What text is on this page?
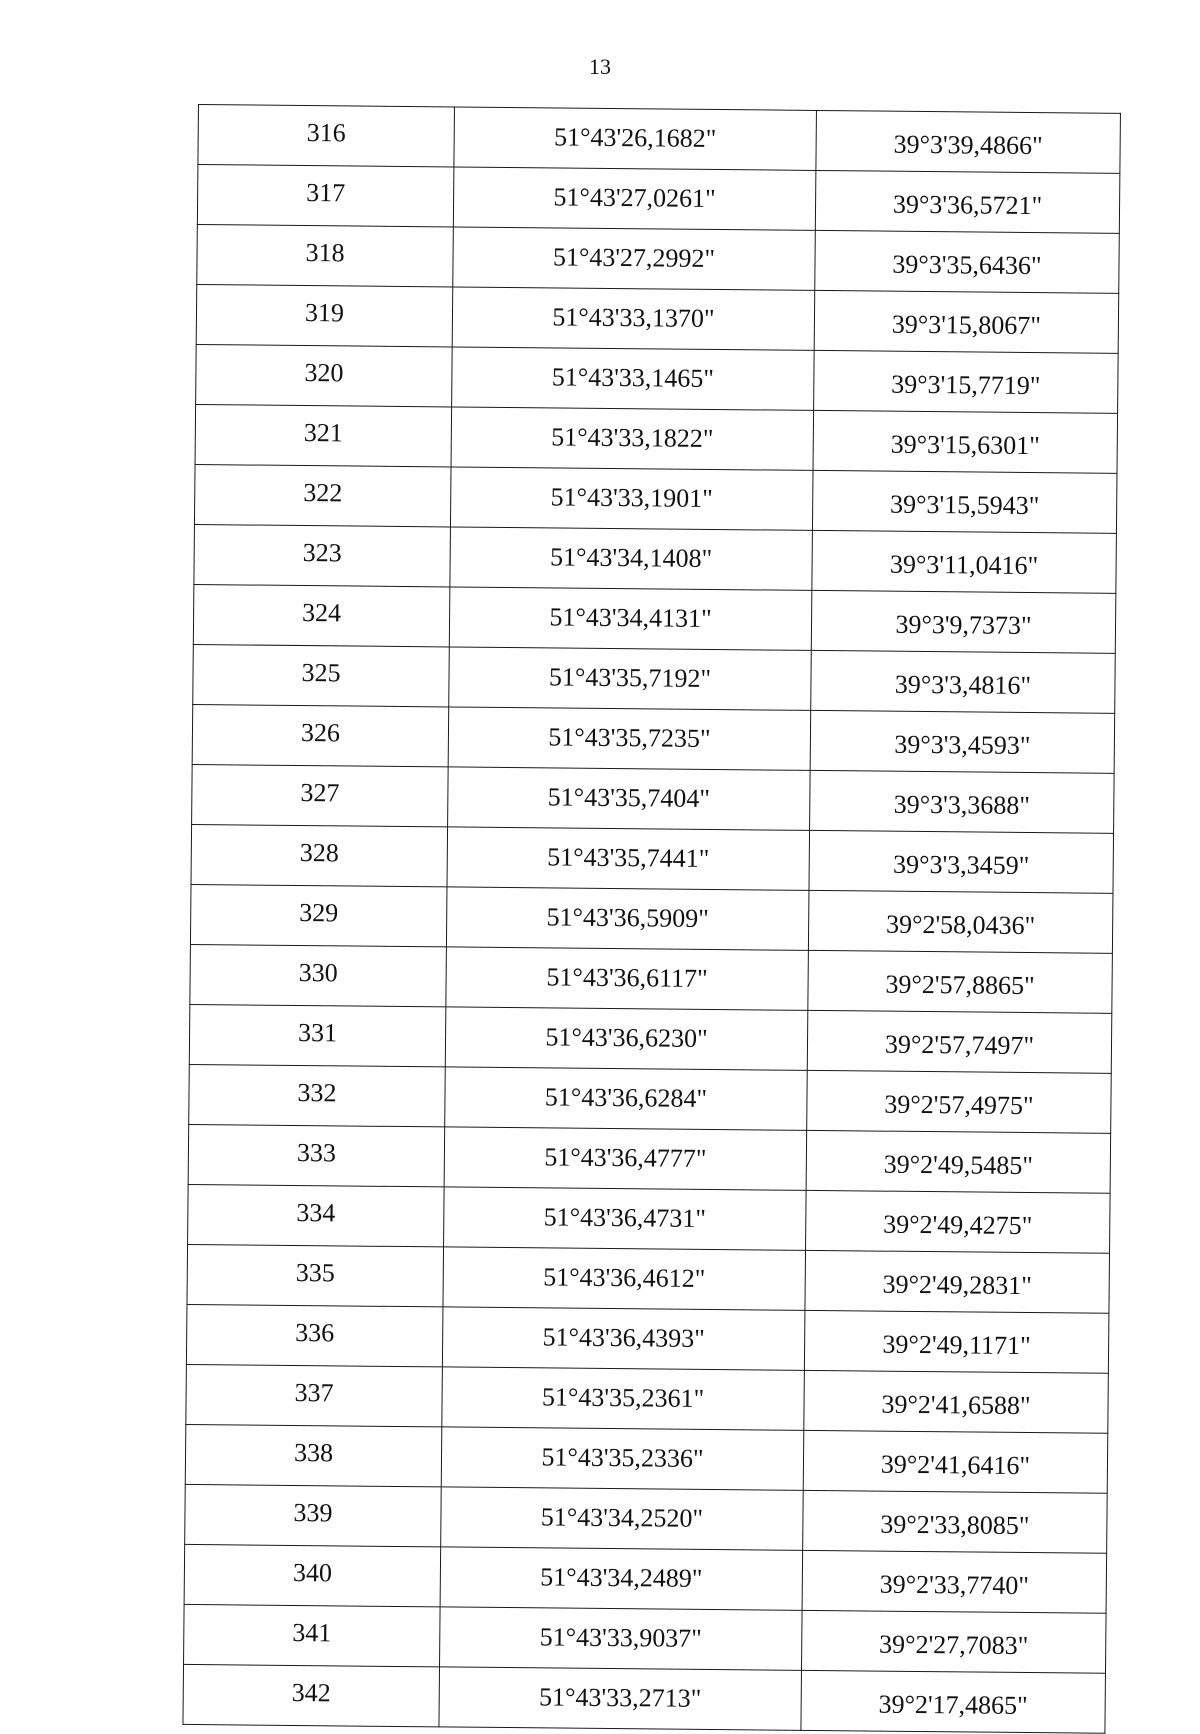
13
316	51°43'26,1682"	39°3'39,4866"
317	51°43'27,0261"	39°3'36,5721"
318	51°43'27,2992"	39°3'35,6436"
319	51°43'33,1370"	39°3'15,8067"
320	51°43'33,1465"	39°3'15,7719"
321	51°43'33,1822"	39°3'15,6301"
322	51°43'33,1901"	39°3'15,5943"
323	51°43'34,1408"	39°3'11,0416"
324	51°43'34,4131"	39°3'9,7373"
325	51°43'35,7192"	39°3'3,4816"
326	51°43'35,7235"	39°3'3,4593"
327	51°43'35,7404"	39°3'3,3688"
328	51°43'35,7441"	39°3'3,3459"
329	51°43'36,5909"	39°2'58,0436"
330	51°43'36,6117"	39°2'57,8865"
331	51°43'36,6230"	39°2'57,7497"
332	51°43'36,6284"	39°2'57,4975"
333	51°43'36,4777"	39°2'49,5485"
334	51°43'36,4731"	39°2'49,4275"
335	51°43'36,4612"	39°2'49,2831"
336	51°43'36,4393"	39°2'49,1171"
337	51°43'35,2361"	39°2'41,6588"
338	51°43'35,2336"	39°2'41,6416"
339	51°43'34,2520"	39°2'33,8085"
340	51°43'34,2489"	39°2'33,7740"
341	51°43'33,9037"	39°2'27,7083"
342	51°43'33,2713"	39°2'17,4865"
